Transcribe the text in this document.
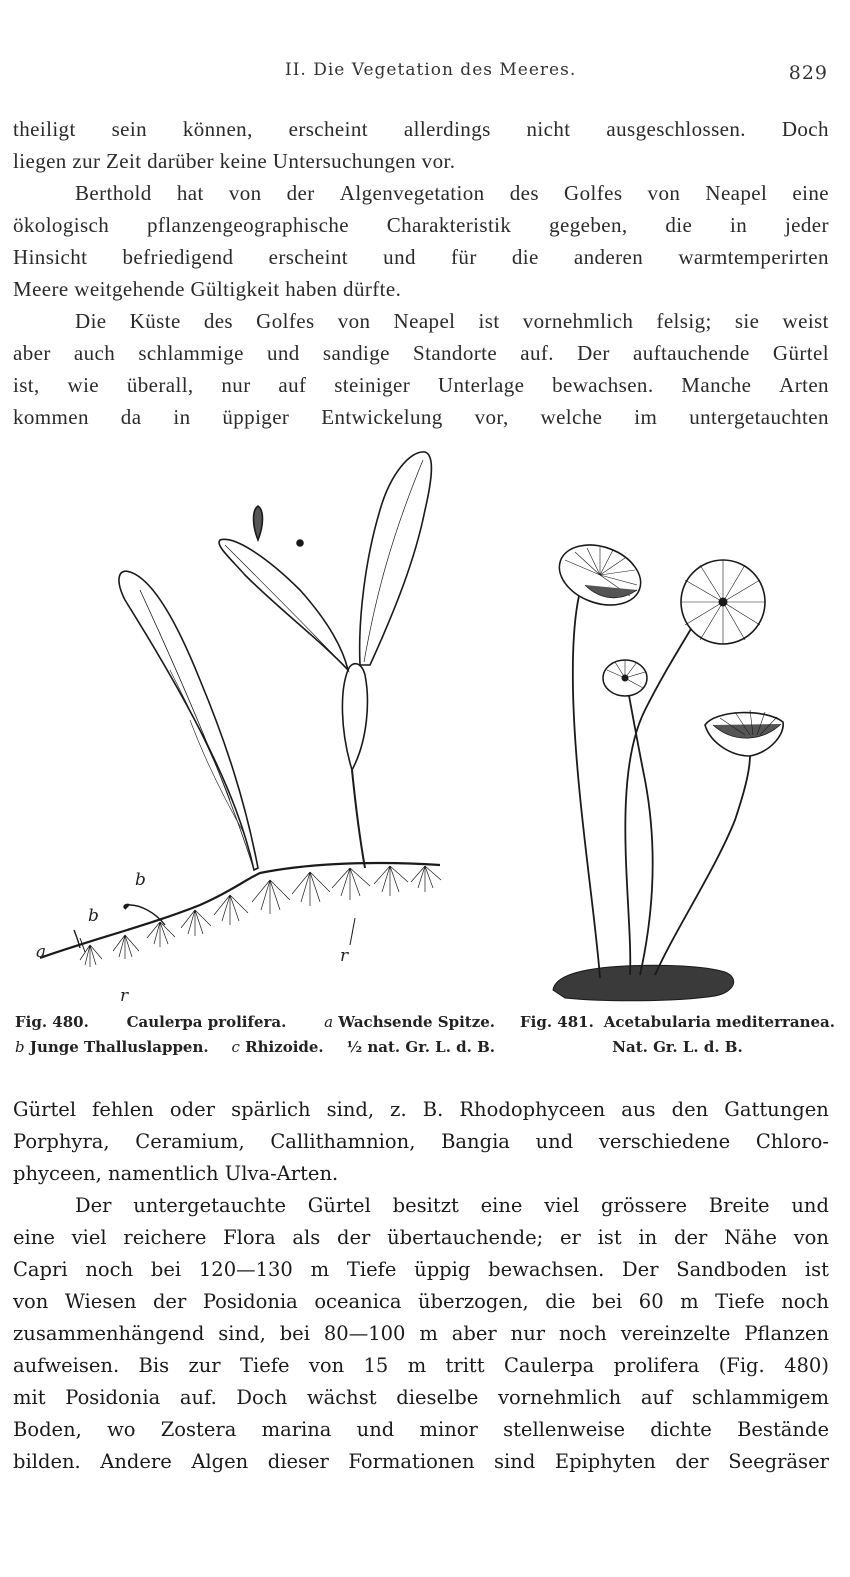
II. Die Vegetation des Meeres.	829
theiligt sein können, erscheint allerdings nicht ausgeschlossen. Doch
liegen zur Zeit darüber keine Untersuchungen vor.
Berthold hat von der Algenvegetation des Golfes von Neapel eine
ökologisch pflanzengeographische Charakteristik gegeben, die in jeder
Hinsicht befriedigend erscheint und für die anderen warmtemperirten
Meere weitgehende Gültigkeit haben dürfte.
Die Küste des Golfes von Neapel ist vornehmlich felsig; sie weist
aber auch schlammige und sandige Standorte auf. Der auftauchende Gürtel
ist, wie überall, nur auf steiniger Unterlage bewachsen. Manche Arten
kommen da in üppiger Entwickelung vor, welche im untergetauchten
a
b
b
r
r
Fig. 480.	Caulerpa prolifera.	a Wachsende Spitze.
b Junge Thalluslappen. c Rhizoide. ½ nat. Gr. L. d. B.
Fig. 481. Acetabularia mediterranea.
Nat. Gr. L. d. B.
Gürtel fehlen oder spärlich sind, z. B. Rhodophyceen aus den Gattungen
Porphyra, Ceramium, Callithamnion, Bangia und verschiedene Chloro-
phyceen, namentlich Ulva-Arten.
Der untergetauchte Gürtel besitzt eine viel grössere Breite und
eine viel reichere Flora als der übertauchende; er ist in der Nähe von
Capri noch bei 120—130 m Tiefe üppig bewachsen. Der Sandboden ist
von Wiesen der Posidonia oceanica überzogen, die bei 60 m Tiefe noch
zusammenhängend sind, bei 80—100 m aber nur noch vereinzelte Pflanzen
aufweisen. Bis zur Tiefe von 15 m tritt Caulerpa prolifera (Fig. 480)
mit Posidonia auf. Doch wächst dieselbe vornehmlich auf schlammigem
Boden, wo Zostera marina und minor stellenweise dichte Bestände
bilden. Andere Algen dieser Formationen sind Epiphyten der Seegräser
